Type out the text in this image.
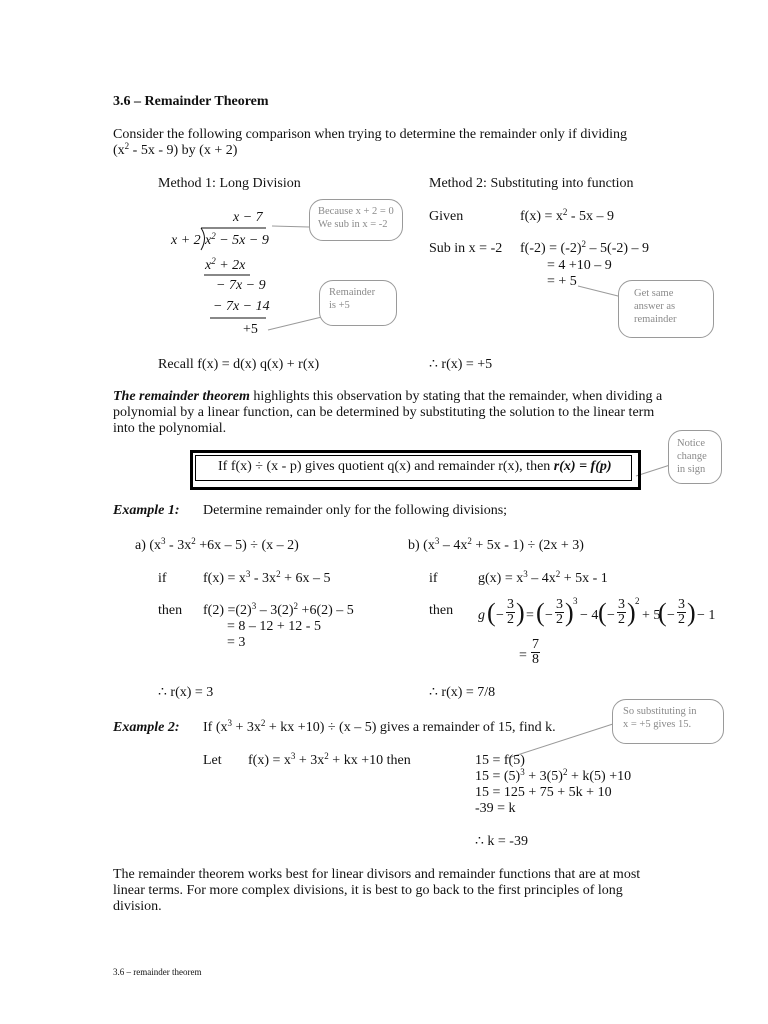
3.6 – Remainder Theorem
Consider the following comparison when trying to determine the remainder only if dividing
$(x^2 - 5x - 9)$ by (x + 2)
Method 1: Long Division	Method 2: Substituting into function
x − 7
x + 2 $x^2 - 5x - 9$
$x^2 + 2x$
− 7x − 9
− 7x − 14
+5
Because x + 2 = 0
We sub in x = -2
Remainder
is +5
Given	$f(x) = x^2 - 5x - 9$
Sub in x = -2 $f(-2) = (-2)^2 - 5(-2) - 9$
= 4 +10 – 9
= + 5
Get same
answer as
remainder
Recall f(x) = d(x) q(x) + r(x)	∴ r(x) = +5
The remainder theorem highlights this observation by stating that the remainder, when dividing a
polynomial by a linear function, can be determined by substituting the solution to the linear term
into the polynomial.
Notice
change
in sign
If f(x) ÷ (x - p) gives quotient q(x) and remainder r(x), then r(x) = f(p)
Example 1: Determine remainder only for the following divisions;
a) $(x^3 - 3x^2 +6x - 5) \div (x - 2)$	b) $(x^3 - 4x^2 + 5x - 1) \div (2x + 3)$
if	$f(x) = x^3 - 3x^2 + 6x - 5$	if	$g(x) = x^3 - 4x^2 + 5x - 1$
then $f(2) =(2)^3 - 3(2)^2 +6(2) - 5$
= 8 – 12 + 12 - 5
= 3
then g ( − $\frac{3}{2}$ ) = ( − $\frac{3}{2}$ ) 3
− 4 ( − $\frac{3}{2}$ ) 2
+ 5
( − $\frac{3}{2}$ ) − 1
= $\frac{7}{8}$
∴ r(x) = 3	∴ r(x) = 7/8
So substituting in
x = +5 gives 15.
Example 2: If ($x^3 + 3x^2$ + kx +10) ÷ (x – 5) gives a remainder of 15, find k.
Let $f(x) = x^3 + 3x^2$ + kx +10 then	15 = f(5)
$15 = (5)^3 + 3(5)^2 + k(5) +10$
15 = 125 + 75 + 5k + 10
-39 = k
∴ k = -39
The remainder theorem works best for linear divisors and remainder functions that are at most
linear terms. For more complex divisions, it is best to go back to the first principles of long
division.
3.6 – remainder theorem
